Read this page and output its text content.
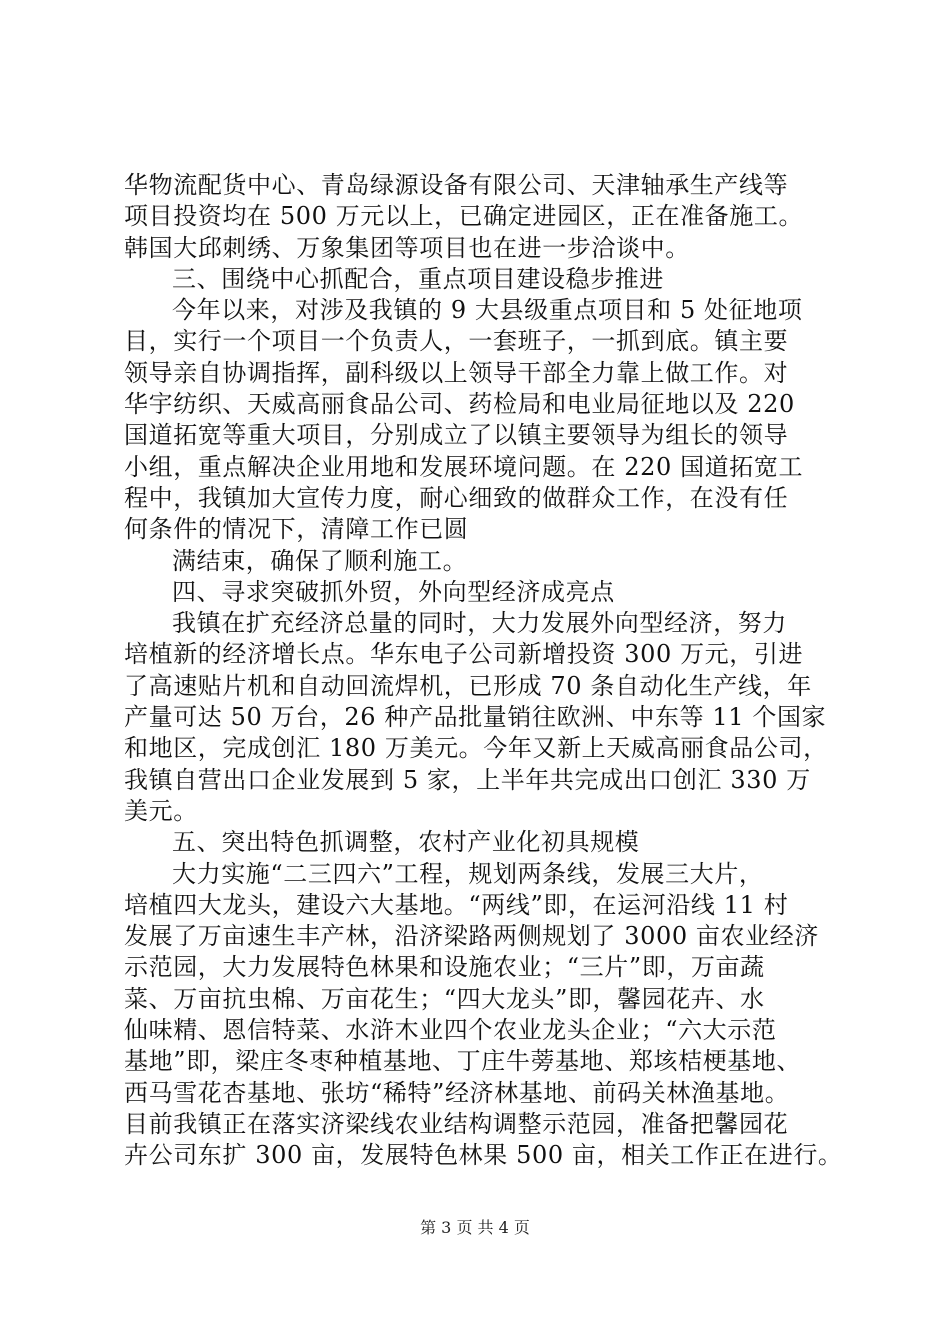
华物流配货中心、青岛绿源设备有限公司、天津轴承生产线等
项目投资均在 500 万元以上，已确定进园区，正在准备施工。
韩国大邱刺绣、万象集团等项目也在进一步洽谈中。
三、围绕中心抓配合，重点项目建设稳步推进
今年以来，对涉及我镇的 9 大县级重点项目和 5 处征地项
目，实行一个项目一个负责人，一套班子，一抓到底。镇主要
领导亲自协调指挥，副科级以上领导干部全力靠上做工作。对
华宇纺织、天威高丽食品公司、药检局和电业局征地以及 220
国道拓宽等重大项目，分别成立了以镇主要领导为组长的领导
小组，重点解决企业用地和发展环境问题。在 220 国道拓宽工
程中，我镇加大宣传力度，耐心细致的做群众工作，在没有任
何条件的情况下，清障工作已圆
满结束，确保了顺利施工。
四、寻求突破抓外贸，外向型经济成亮点
我镇在扩充经济总量的同时，大力发展外向型经济，努力
培植新的经济增长点。华东电子公司新增投资 300 万元，引进
了高速贴片机和自动回流焊机，已形成 70 条自动化生产线，年
产量可达 50 万台，26 种产品批量销往欧洲、中东等 11 个国家
和地区，完成创汇 180 万美元。今年又新上天威高丽食品公司，
我镇自营出口企业发展到 5 家，上半年共完成出口创汇 330 万
美元。
五、突出特色抓调整，农村产业化初具规模
大力实施“二三四六”工程，规划两条线，发展三大片，
培植四大龙头，建设六大基地。“两线”即，在运河沿线 11 村
发展了万亩速生丰产林，沿济梁路两侧规划了 3000 亩农业经济
示范园，大力发展特色林果和设施农业；“三片”即，万亩蔬
菜、万亩抗虫棉、万亩花生；“四大龙头”即，馨园花卉、水
仙味精、恩信特菜、水浒木业四个农业龙头企业；“六大示范
基地”即，梁庄冬枣种植基地、丁庄牛蒡基地、郑垓桔梗基地、
西马雪花杏基地、张坊“稀特”经济林基地、前码关林渔基地。
目前我镇正在落实济梁线农业结构调整示范园，准备把馨园花
卉公司东扩 300 亩，发展特色林果 500 亩，相关工作正在进行。
第 3 页 共 4 页
